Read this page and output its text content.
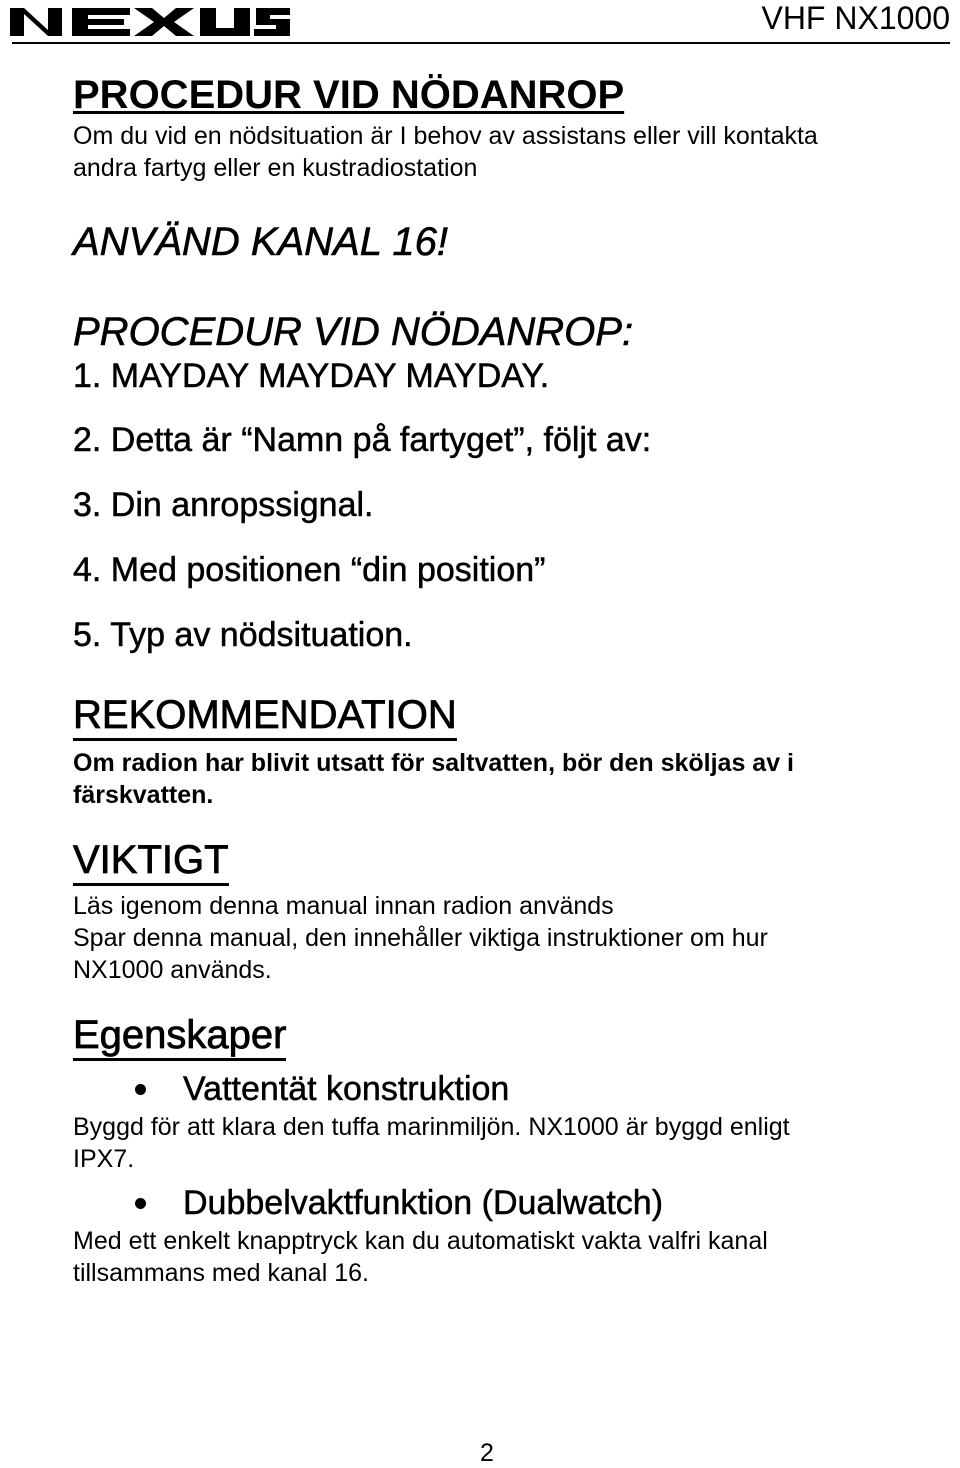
VHF NX1000
PROCEDUR VID NÖDANROP
Om du vid en nödsituation är I behov av assistans eller vill kontakta
andra fartyg eller en kustradiostation
ANVÄND KANAL 16!
PROCEDUR VID NÖDANROP:
1. MAYDAY MAYDAY MAYDAY.
2. Detta är “Namn på fartyget”, följt av:
3. Din anropssignal.
4. Med positionen “din position”
5. Typ av nödsituation.
REKOMMENDATION
Om radion har blivit utsatt för saltvatten, bör den sköljas av i
färskvatten.
VIKTIGT
Läs igenom denna manual innan radion används
Spar denna manual, den innehåller viktiga instruktioner om hur
NX1000 används.
Egenskaper
Vattentät konstruktion
Byggd för att klara den tuffa marinmiljön. NX1000 är byggd enligt
IPX7.
Dubbelvaktfunktion (Dualwatch)
Med ett enkelt knapptryck kan du automatiskt vakta valfri kanal
tillsammans med kanal 16.
2
